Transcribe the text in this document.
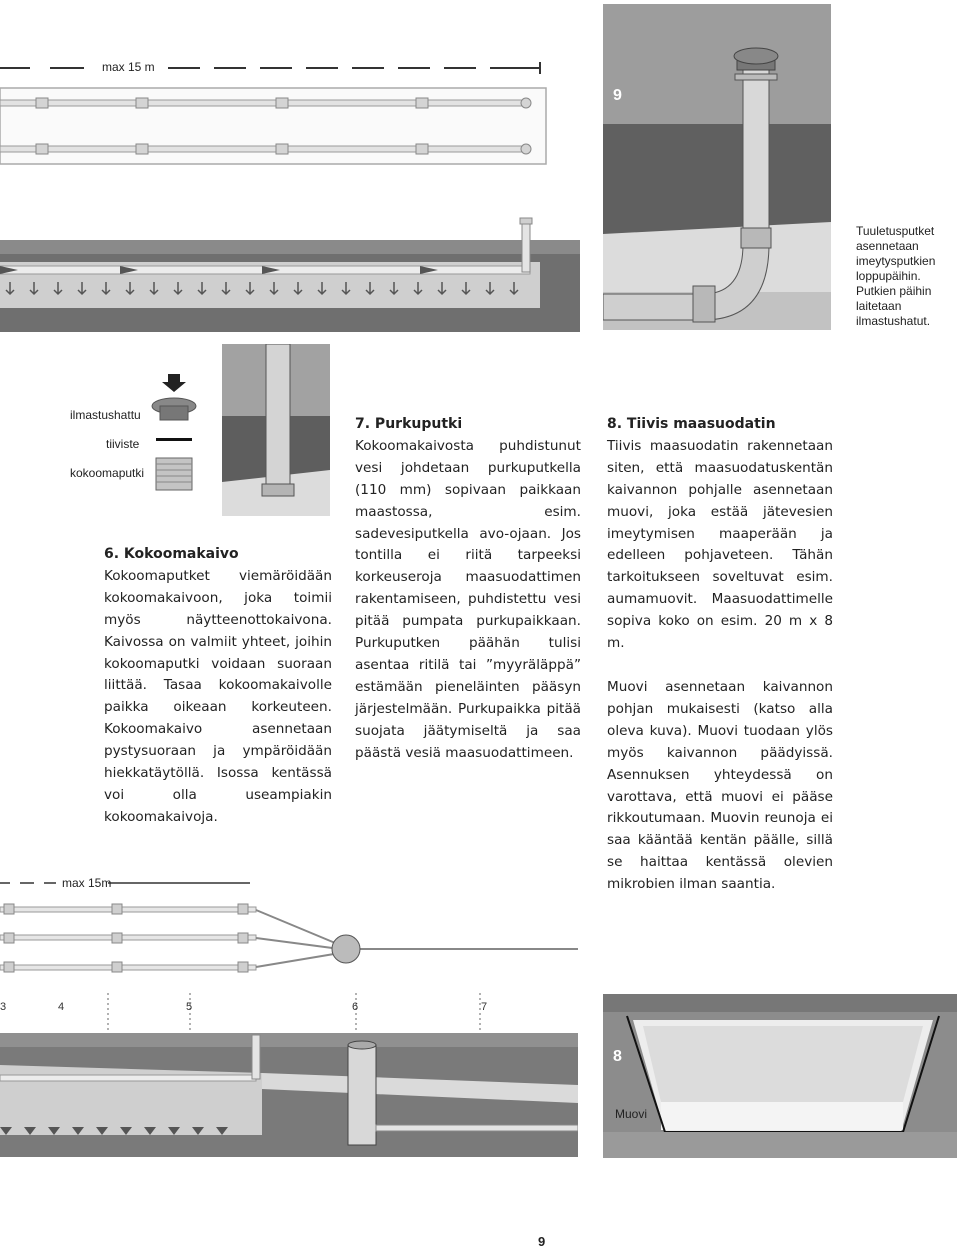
max 15 m
9
Tuuletusputket asennetaan imeytysputkien loppupäihin. Putkien päihin laitetaan ilmastushatut.
ilmastushattu
tiiviste
kokoomaputki
6. Kokoomakaivo

Kokoomaputket viemäröidään kokoomakaivoon, joka toimii myös näytteenottokaivona. Kaivossa on valmiit yhteet, joihin kokoomaputki voidaan suoraan liittää. Tasaa kokoomakaivolle paikka oikeaan korkeuteen. Kokoomakaivo asennetaan pystysuoraan ja ympäröidään hiekkatäytöllä. Isossa kentässä voi olla useampiakin kokoomakaivoja.

7. Purkuputki

Kokoomakaivosta puhdistunut vesi johdetaan purkuputkella (110 mm) sopivaan paikkaan maastossa, esim. sadevesiputkella avo-ojaan. Jos tontilla ei riitä tarpeeksi korkeuseroja maasuodattimen rakentamiseen, puhdistettu vesi pitää pumpata purkupaikkaan. Purkuputken päähän tulisi asentaa ritilä tai ”myyräläppä” estämään pieneläinten pääsyn järjestelmään. Purkupaikka pitää suojata jäätymiseltä ja saa päästä vesiä maasuodattimeen.

8. Tiivis maasuodatin

Tiivis maasuodatin rakennetaan siten, että maasuodatuskentän kaivannon pohjalle asennetaan muovi, joka estää jätevesien imeytymisen maaperään ja edelleen pohjaveteen. Tähän tarkoitukseen soveltuvat esim. aumamuovit. Maasuodattimelle sopiva koko on esim. 20 m x 8 m.

Muovi asennetaan kaivannon pohjan mukaisesti (katso alla oleva kuva). Muovi tuodaan ylös myös kaivannon päädyissä. Asennuksen yhteydessä on varottava, että muovi ei pääse rikkoutumaan. Muovin reunoja ei saa kääntää kentän päälle, sillä se haittaa kentässä olevien mikrobien ilman saantia.

max 15m
3	4	5	6	7
8
Muovi
9
